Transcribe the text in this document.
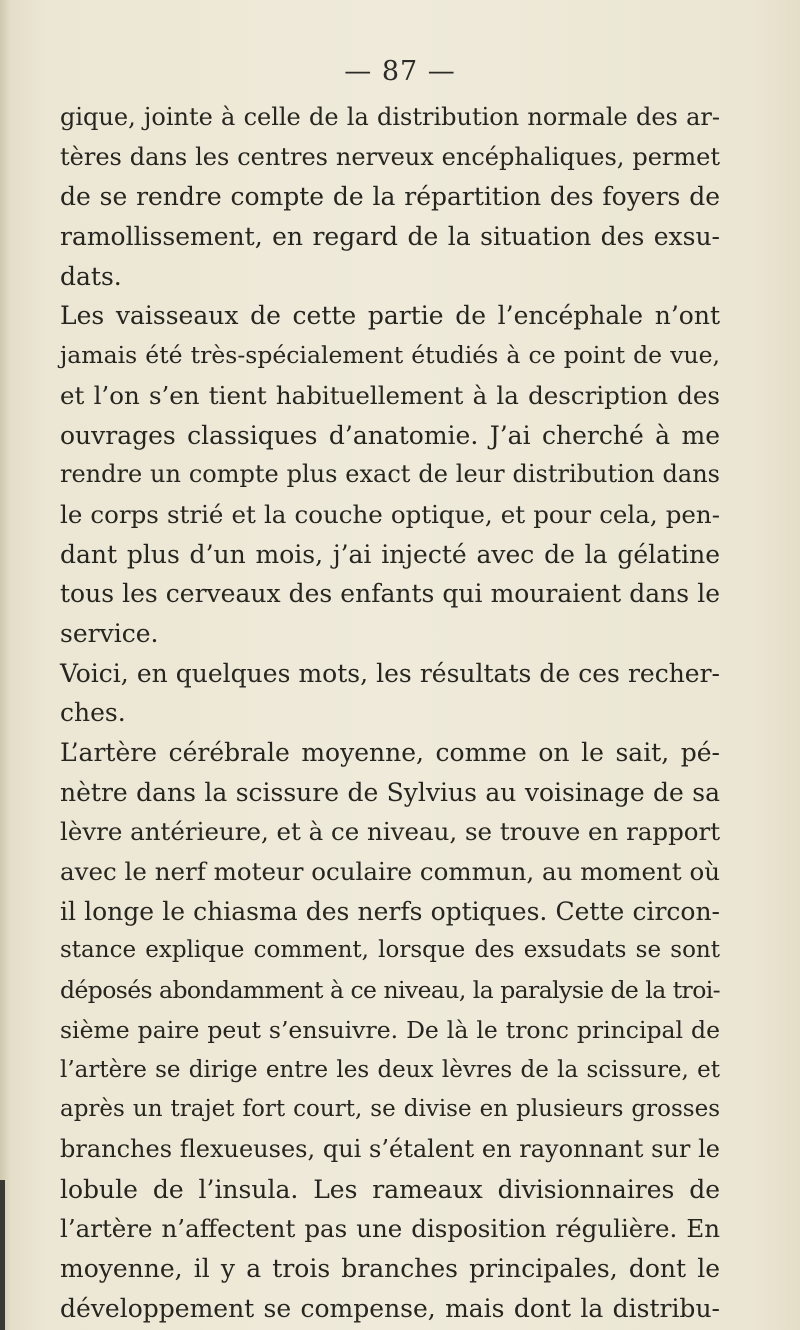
— 87 —
gique, jointe à celle de la distribution normale des ar-
tères dans les centres nerveux encéphaliques, permet
de se rendre compte de la répartition des foyers de
ramollissement, en regard de la situation des exsu-
dats.
Les vaisseaux de cette partie de l’encéphale n’ont
jamais été très-spécialement étudiés à ce point de vue,
et l’on s’en tient habituellement à la description des
ouvrages classiques d’anatomie. J’ai cherché à me
rendre un compte plus exact de leur distribution dans
le corps strié et la couche optique, et pour cela, pen-
dant plus d’un mois, j’ai injecté avec de la gélatine
tous les cerveaux des enfants qui mouraient dans le
service.
Voici, en quelques mots, les résultats de ces recher-
ches.
L’artère cérébrale moyenne, comme on le sait, pé-
nètre dans la scissure de Sylvius au voisinage de sa
lèvre antérieure, et à ce niveau, se trouve en rapport
avec le nerf moteur oculaire commun, au moment où
il longe le chiasma des nerfs optiques. Cette circon-
stance explique comment, lorsque des exsudats se sont
déposés abondamment à ce niveau, la paralysie de la troi-
sième paire peut s’ensuivre. De là le tronc principal de
l’artère se dirige entre les deux lèvres de la scissure, et
après un trajet fort court, se divise en plusieurs grosses
branches flexueuses, qui s’étalent en rayonnant sur le
lobule de l’insula. Les rameaux divisionnaires de
l’artère n’affectent pas une disposition régulière. En
moyenne, il y a trois branches principales, dont le
développement se compense, mais dont la distribu-
